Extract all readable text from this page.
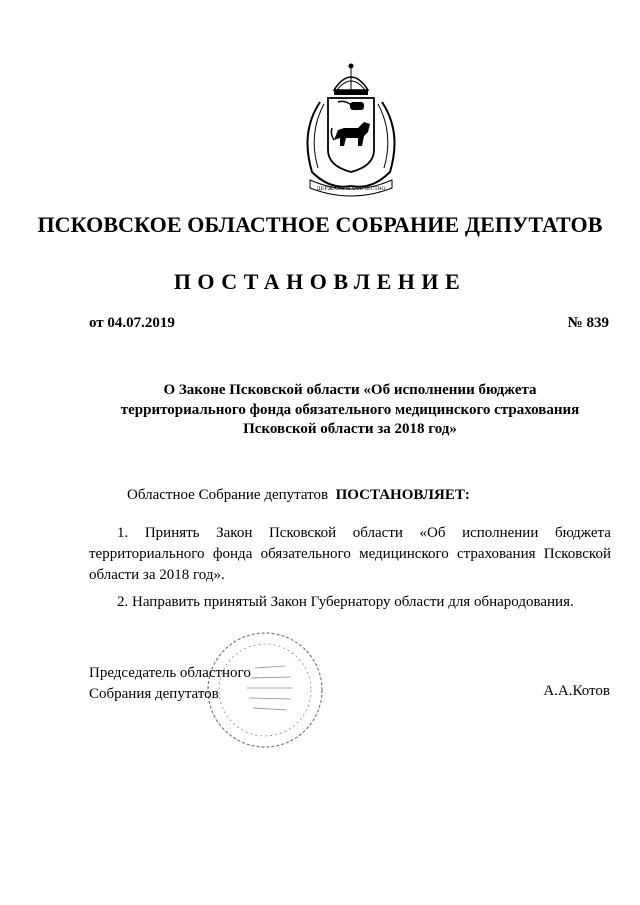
ДЕРЖАВА И ОТЕЧЕСТВО
ПСКОВСКОЕ ОБЛАСТНОЕ СОБРАНИЕ ДЕПУТАТОВ
ПОСТАНОВЛЕНИЕ
от 04.07.2019	№ 839
О Законе Псковской области «Об исполнении бюджета
территориального фонда обязательного медицинского страхования
Псковской области за 2018 год»
Областное Собрание депутатов ПОСТАНОВЛЯЕТ:
1. Принять Закон Псковской области «Об исполнении бюджета
территориального фонда обязательного медицинского страхования Псковской
области за 2018 год».
2. Направить принятый Закон Губернатору области для обнародования.
Председатель областного
Собрания депутатов	А.А.Котов
